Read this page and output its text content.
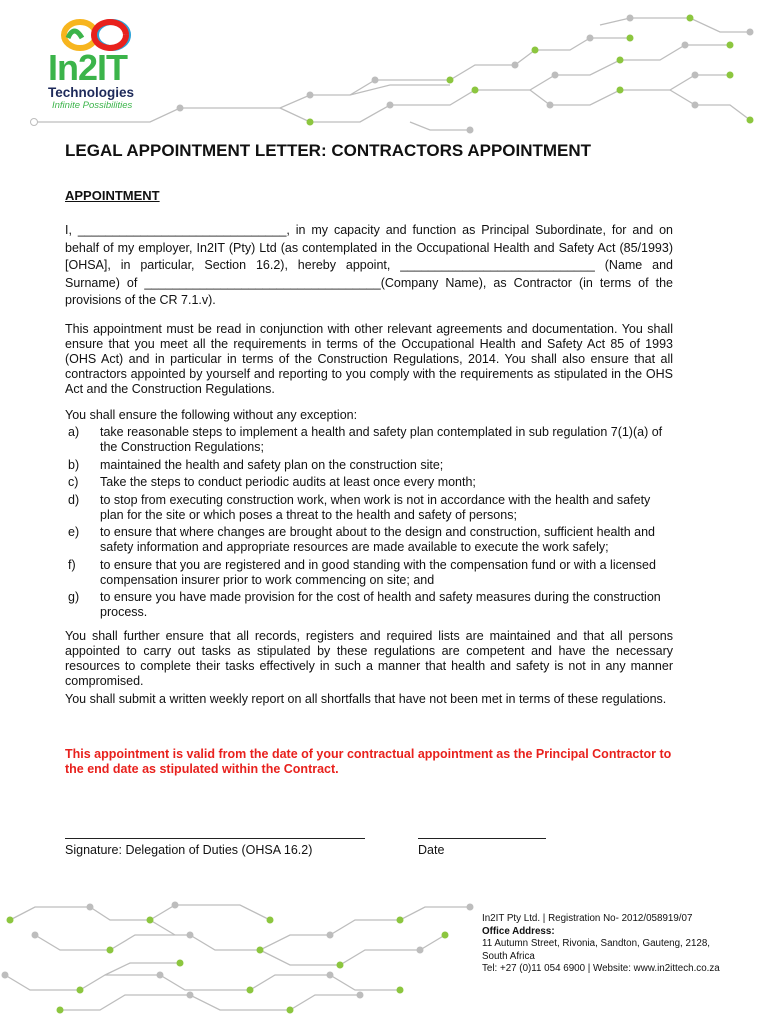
In2IT
Technologies
Infinite Possibilities
LEGAL APPOINTMENT LETTER: CONTRACTORS APPOINTMENT
APPOINTMENT

I, ______________________________, in my capacity and function as Principal Subordinate, for and on behalf of my employer, In2IT (Pty) Ltd (as contemplated in the Occupational Health and Safety Act (85/1993) [OHSA], in particular, Section 16.2), hereby appoint, ____________________________ (Name and Surname) of __________________________________(Company Name), as Contractor (in terms of the provisions of the CR 7.1.v).

This appointment must be read in conjunction with other relevant agreements and documentation. You shall ensure that you meet all the requirements in terms of the Occupational Health and Safety Act 85 of 1993 (OHS Act) and in particular in terms of the Construction Regulations, 2014. You shall also ensure that all contractors appointed by yourself and reporting to you comply with the requirements as stipulated in the OHS Act and the Construction Regulations.

You shall ensure the following without any exception:

a) take reasonable steps to implement a health and safety plan contemplated in sub regulation 7(1)(a) of the Construction Regulations;
b) maintained the health and safety plan on the construction site;
c) Take the steps to conduct periodic audits at least once every month;
d) to stop from executing construction work, when work is not in accordance with the health and safety plan for the site or which poses a threat to the health and safety of persons;
e) to ensure that where changes are brought about to the design and construction, sufficient health and safety information and appropriate resources are made available to execute the work safely;
f) to ensure that you are registered and in good standing with the compensation fund or with a licensed compensation insurer prior to work commencing on site; and
g) to ensure you have made provision for the cost of health and safety measures during the construction process.

You shall further ensure that all records, registers and required lists are maintained and that all persons appointed to carry out tasks as stipulated by these regulations are competent and have the necessary resources to complete their tasks effectively in such a manner that health and safety is not in any manner compromised.

You shall submit a written weekly report on all shortfalls that have not been met in terms of these regulations.

This appointment is valid from the date of your contractual appointment as the Principal Contractor to the end date as stipulated within the Contract.
Signature: Delegation of Duties (OHSA 16.2)	Date
In2IT Pty Ltd. | Registration No- 2012/058919/07
Office Address:
11 Autumn Street, Rivonia, Sandton, Gauteng, 2128,
South Africa
Tel: +27 (0)11 054 6900 | Website: www.in2ittech.co.za
